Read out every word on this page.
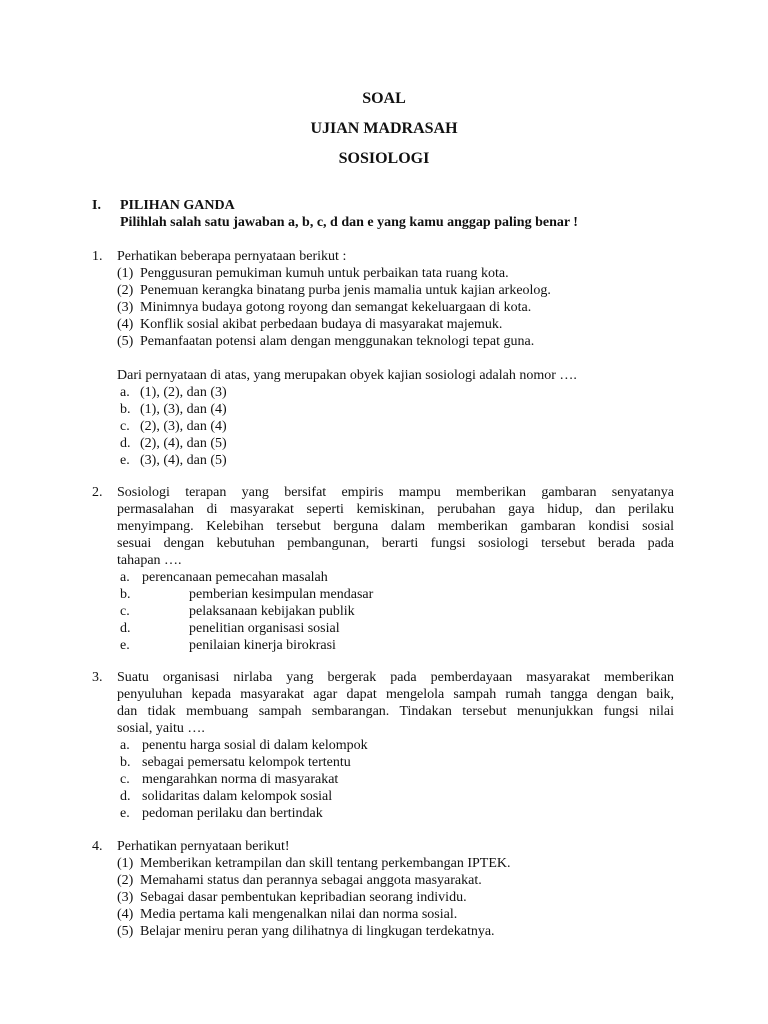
SOAL
UJIAN MADRASAH
SOSIOLOGI
I. PILIHAN GANDA
Pilihlah salah satu jawaban a, b, c, d dan e yang kamu anggap paling benar !
1. Perhatikan beberapa pernyataan berikut :
(1) Penggusuran pemukiman kumuh untuk perbaikan tata ruang kota.
(2) Penemuan kerangka binatang purba jenis mamalia untuk kajian arkeolog.
(3) Minimnya budaya gotong royong dan semangat kekeluargaan di kota.
(4) Konflik sosial akibat perbedaan budaya di masyarakat majemuk.
(5) Pemanfaatan potensi alam dengan menggunakan teknologi tepat guna.
Dari pernyataan di atas, yang merupakan obyek kajian sosiologi adalah nomor ….
a. (1), (2), dan (3)
b. (1), (3), dan (4)
c. (2), (3), dan (4)
d. (2), (4), dan (5)
e. (3), (4), dan (5)
2. Sosiologi terapan yang bersifat empiris mampu memberikan gambaran senyatanya
permasalahan di masyarakat seperti kemiskinan, perubahan gaya hidup, dan perilaku
menyimpang. Kelebihan tersebut berguna dalam memberikan gambaran kondisi sosial
sesuai dengan kebutuhan pembangunan, berarti fungsi sosiologi tersebut berada pada
tahapan ….
a. perencanaan pemecahan masalah
b.	pemberian kesimpulan mendasar
c.	pelaksanaan kebijakan publik
d.	penelitian organisasi sosial
e.	penilaian kinerja birokrasi
3. Suatu organisasi nirlaba yang bergerak pada pemberdayaan masyarakat memberikan
penyuluhan kepada masyarakat agar dapat mengelola sampah rumah tangga dengan baik,
dan tidak membuang sampah sembarangan. Tindakan tersebut menunjukkan fungsi nilai
sosial, yaitu ….
a. penentu harga sosial di dalam kelompok
b. sebagai pemersatu kelompok tertentu
c. mengarahkan norma di masyarakat
d. solidaritas dalam kelompok sosial
e. pedoman perilaku dan bertindak
4. Perhatikan pernyataan berikut!
(1) Memberikan ketrampilan dan skill tentang perkembangan IPTEK.
(2) Memahami status dan perannya sebagai anggota masyarakat.
(3) Sebagai dasar pembentukan kepribadian seorang individu.
(4) Media pertama kali mengenalkan nilai dan norma sosial.
(5) Belajar meniru peran yang dilihatnya di lingkugan terdekatnya.
